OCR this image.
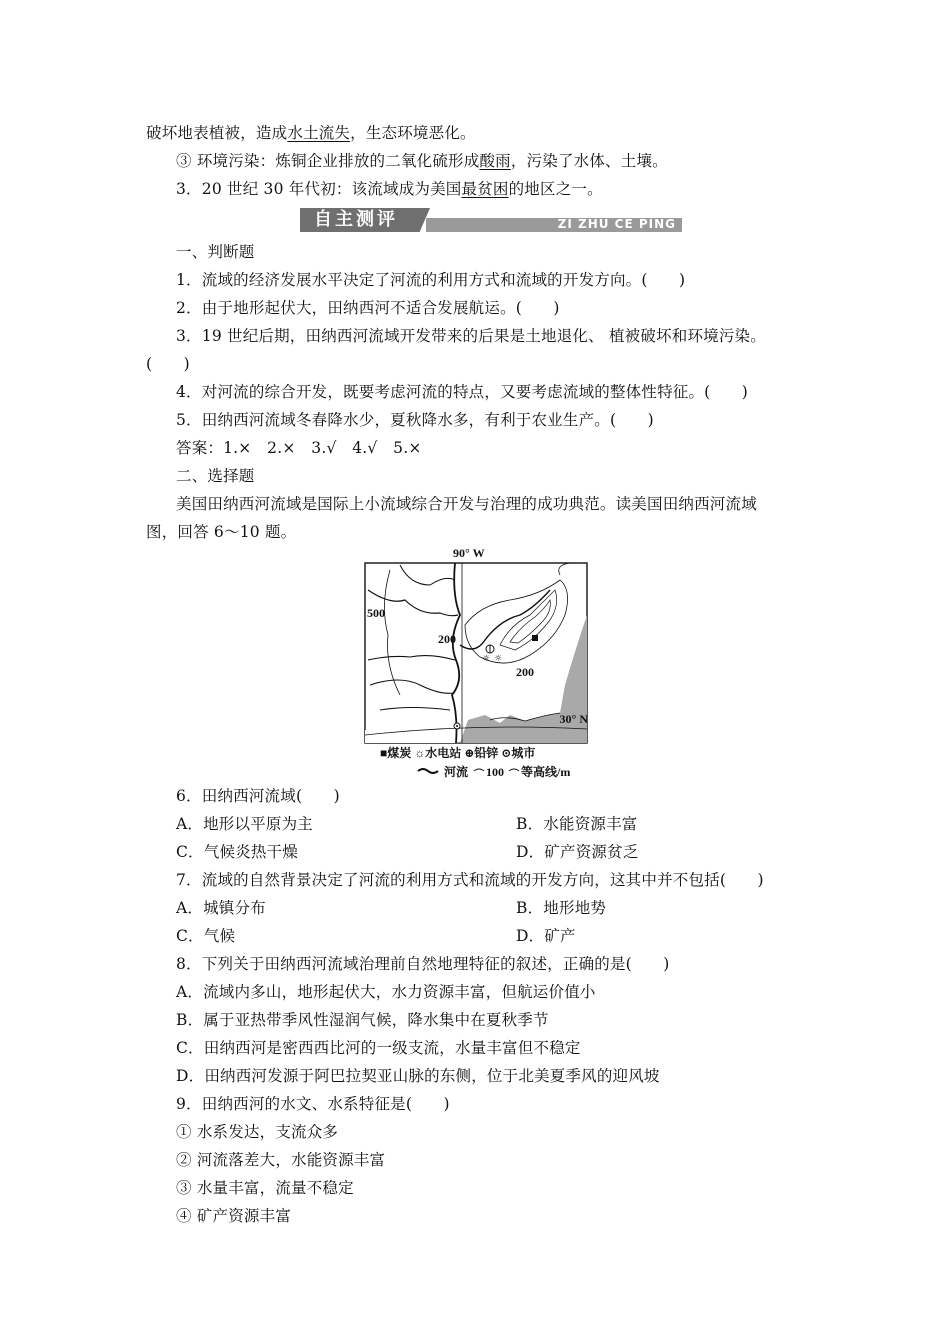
破坏地表植被，造成水土流失，生态环境恶化。
③ 环境污染：炼铜企业排放的二氧化硫形成酸雨，污染了水体、土壤。
3．20 世纪 30 年代初：该流域成为美国最贫困的地区之一。
自主测评	ZI ZHU CE PING
一、判断题
1．流域的经济发展水平决定了河流的利用方式和流域的开发方向。(　　)
2．由于地形起伏大，田纳西河不适合发展航运。(　　)
3．19 世纪后期，田纳西河流域开发带来的后果是土地退化、 植被破坏和环境污染。
(　　)
4．对河流的综合开发，既要考虑河流的特点，又要考虑流域的整体性特征。(　　)
5．田纳西河流域冬春降水少，夏秋降水多，有利于农业生产。(　　)
答案：1.×　2.×　3.√　4.√　5.×
二、选择题
美国田纳西河流域是国际上小流域综合开发与治理的成功典范。读美国田纳西河流域
图，回答 6～10 题。
90° W
☼
☼
500
200
200
30° N
■煤炭 ☼水电站 ⊕铅锌 ⊙城市
河流 100 等高线/m
6．田纳西河流域(　　)
A．地形以平原为主	B．水能资源丰富
C．气候炎热干燥	D．矿产资源贫乏
7．流域的自然背景决定了河流的利用方式和流域的开发方向，这其中并不包括(　　)
A．城镇分布	B．地形地势
C．气候	D．矿产
8．下列关于田纳西河流域治理前自然地理特征的叙述，正确的是(　　)
A．流域内多山，地形起伏大，水力资源丰富，但航运价值小
B．属于亚热带季风性湿润气候，降水集中在夏秋季节
C．田纳西河是密西西比河的一级支流，水量丰富但不稳定
D．田纳西河发源于阿巴拉契亚山脉的东侧，位于北美夏季风的迎风坡
9．田纳西河的水文、水系特征是(　　)
① 水系发达，支流众多
② 河流落差大，水能资源丰富
③ 水量丰富，流量不稳定
④ 矿产资源丰富
